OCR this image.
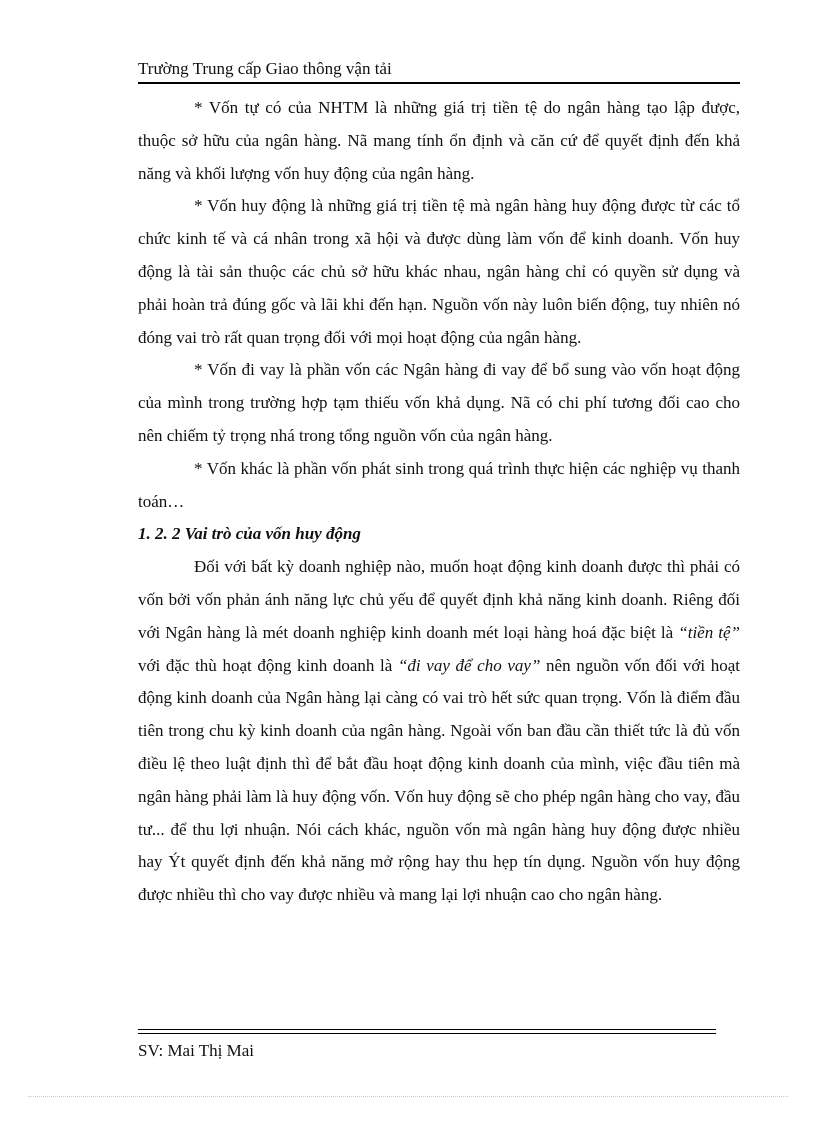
Trường Trung cấp Giao thông vận tải

* Vốn tự có của NHTM là những giá trị tiền tệ do ngân hàng tạo lập được, thuộc sở hữu của ngân hàng. Nã mang tính ổn định và căn cứ để quyết định đến khả năng và khối lượng vốn huy động của ngân hàng.

* Vốn huy động là những giá trị tiền tệ mà ngân hàng huy động được từ các tổ chức kinh tế và cá nhân trong xã hội và được dùng làm vốn để kinh doanh. Vốn huy động là tài sản thuộc các chủ sở hữu khác nhau, ngân hàng chỉ có quyền sử dụng và phải hoàn trả đúng gốc và lãi khi đến hạn. Nguồn vốn này luôn biến động, tuy nhiên nó đóng vai trò rất quan trọng đối với mọi hoạt động của ngân hàng.

* Vốn đi vay là phần vốn các Ngân hàng đi vay để bổ sung vào vốn hoạt động của mình trong trường hợp tạm thiếu vốn khả dụng. Nã có chi phí tương đối cao cho nên chiếm tỷ trọng nhá trong tổng nguồn vốn của ngân hàng.

* Vốn khác là phần vốn phát sinh trong quá trình thực hiện các nghiệp vụ thanh toán…

1. 2. 2 Vai trò của vốn huy động

Đối với bất kỳ doanh nghiệp nào, muốn hoạt động kinh doanh được thì phải có vốn bởi vốn phản ánh năng lực chủ yếu để quyết định khả năng kinh doanh. Riêng đối với Ngân hàng là mét doanh nghiệp kinh doanh mét loại hàng hoá đặc biệt là “tiền tệ” với đặc thù hoạt động kinh doanh là “đi vay để cho vay” nên nguồn vốn đối với hoạt động kinh doanh của Ngân hàng lại càng có vai trò hết sức quan trọng. Vốn là điểm đầu tiên trong chu kỳ kinh doanh của ngân hàng. Ngoài vốn ban đầu cần thiết tức là đủ vốn điều lệ theo luật định thì để bắt đầu hoạt động kinh doanh của mình, việc đầu tiên mà ngân hàng phải làm là huy động vốn. Vốn huy động sẽ cho phép ngân hàng cho vay, đầu tư... để thu lợi nhuận. Nói cách khác, nguồn vốn mà ngân hàng huy động được nhiều hay Ýt quyết định đến khả năng mở rộng hay thu hẹp tín dụng. Nguồn vốn huy động được nhiều thì cho vay được nhiều và mang lại lợi nhuận cao cho ngân hàng.

SV: Mai Thị Mai
